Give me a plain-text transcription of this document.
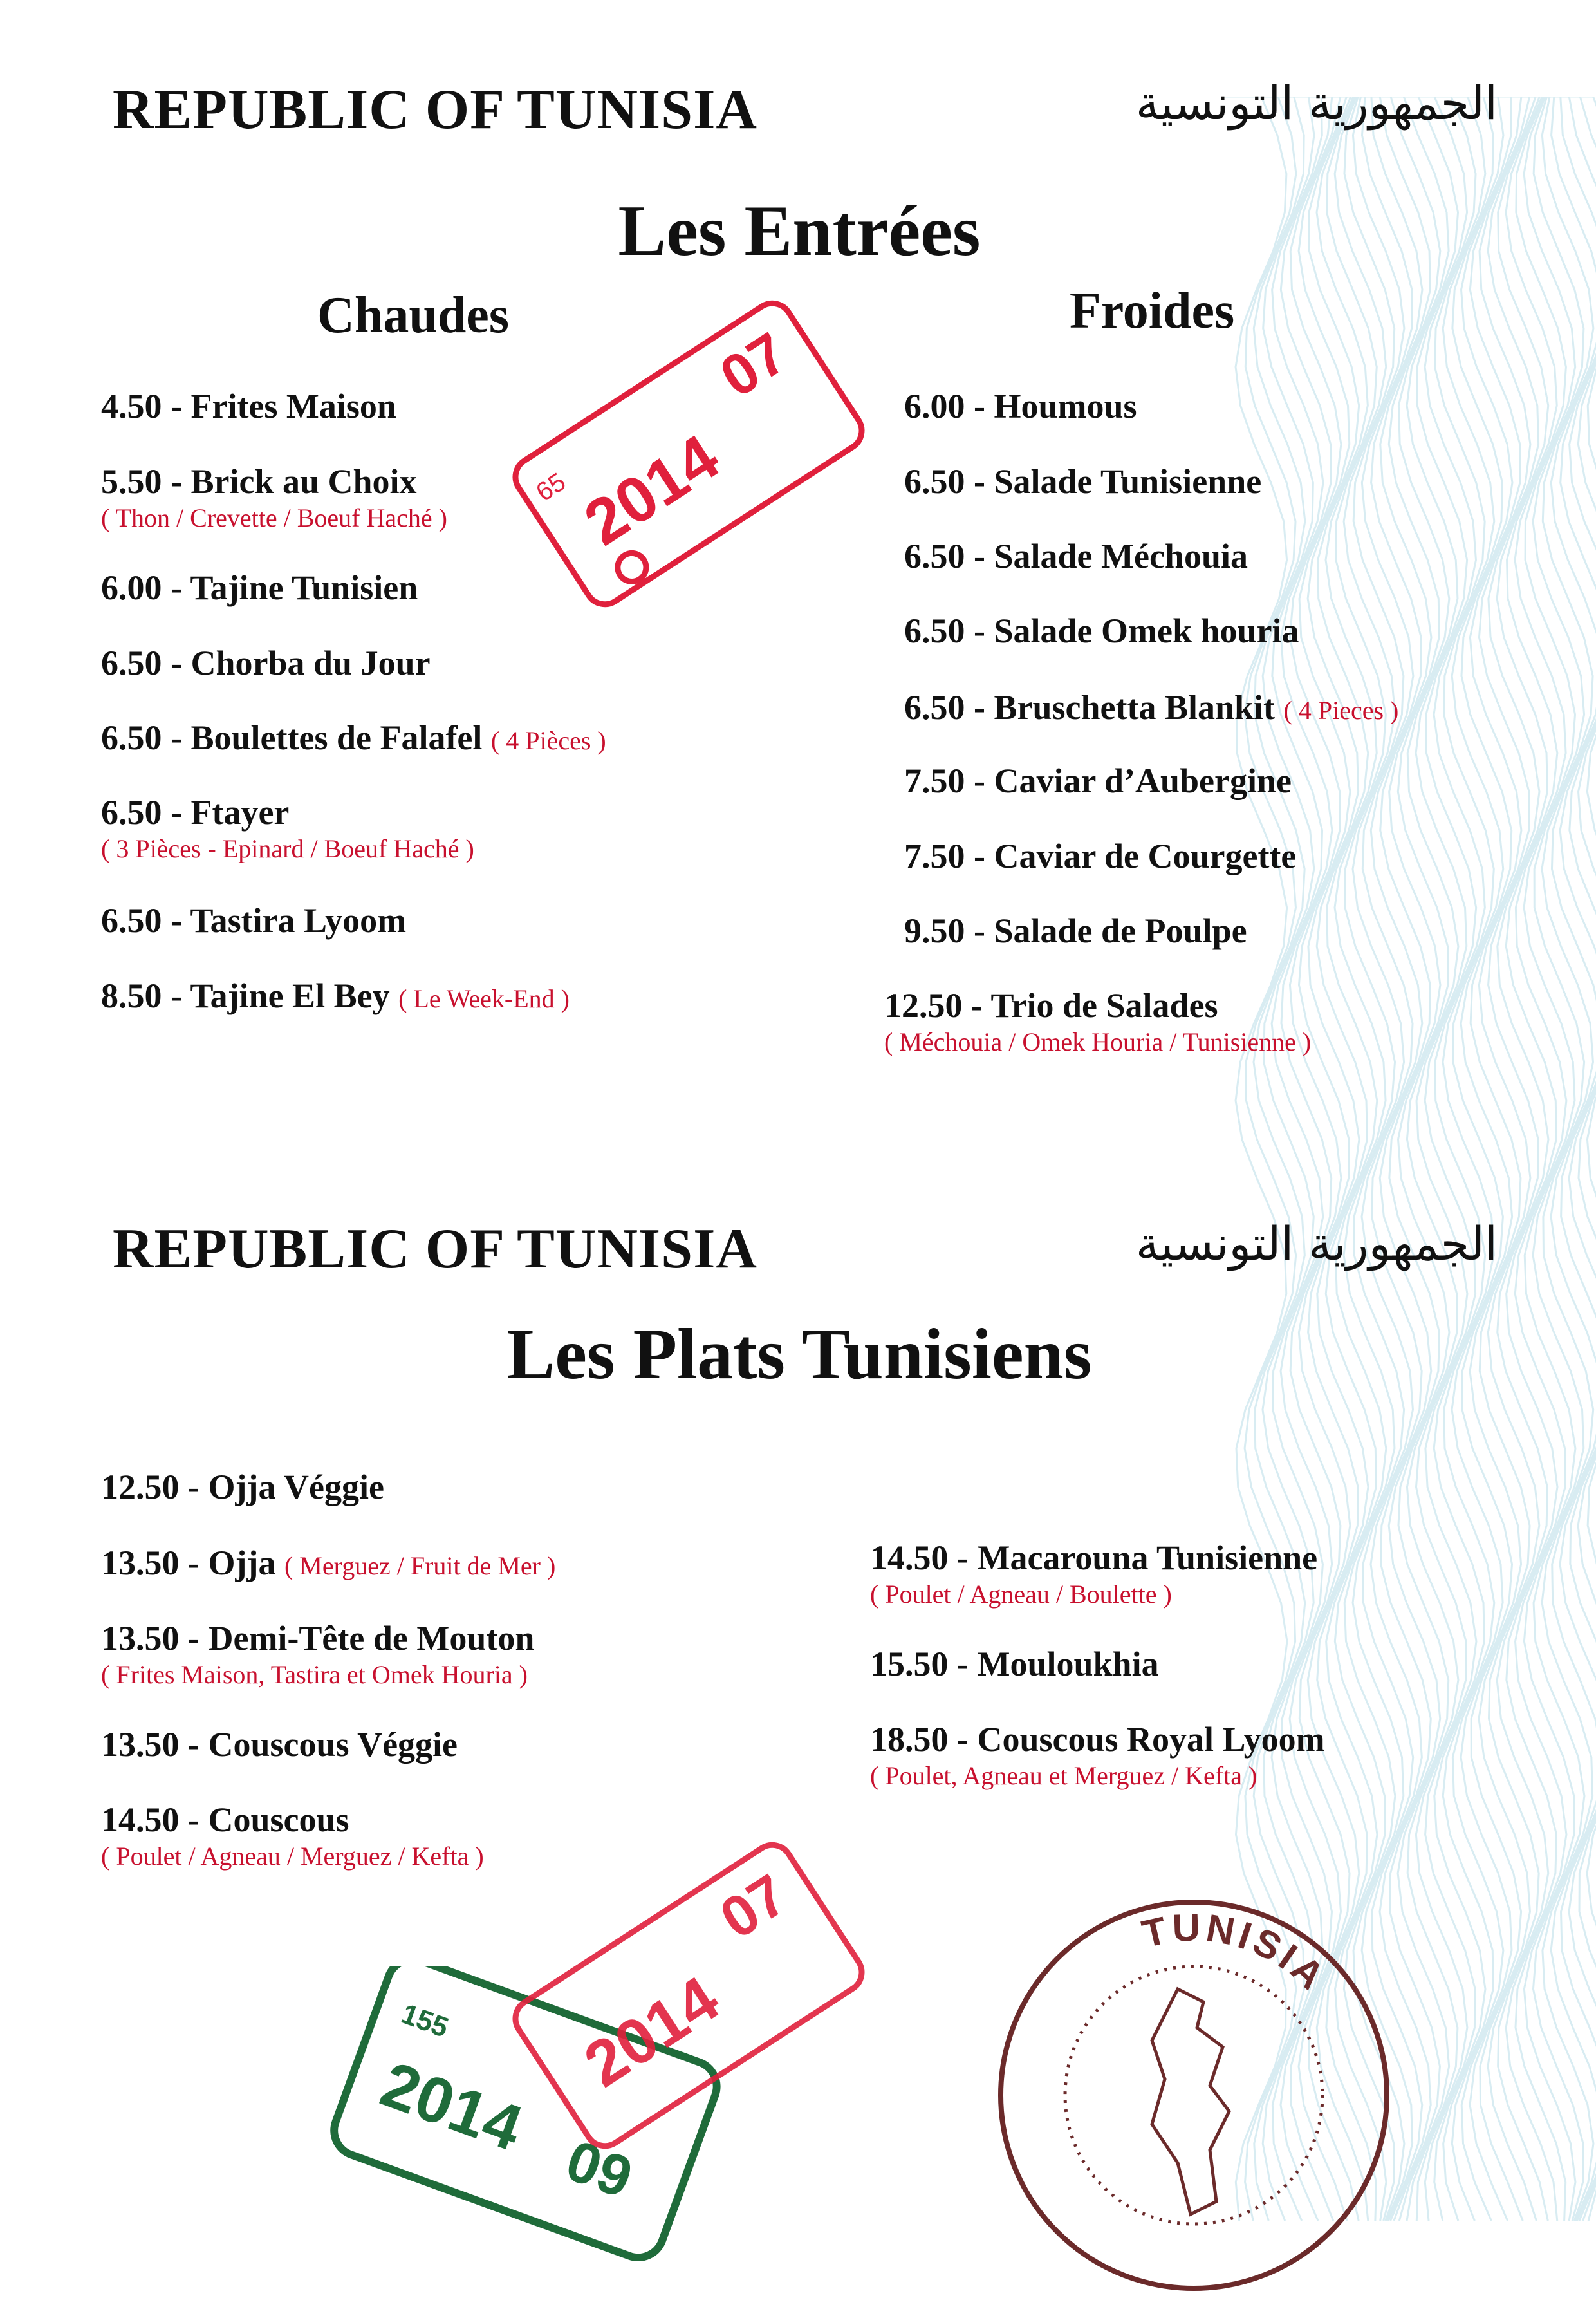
REPUBLIC OF TUNISIA	الجمهورية التونسية
Les Entrées
Chaudes	Froides
4.50 - Frites Maison
5.50 - Brick au Choix
( Thon / Crevette / Boeuf Haché )
6.00 - Tajine Tunisien
6.50 - Chorba du Jour
6.50 - Boulettes de Falafel ( 4 Pièces )
6.50 - Ftayer
( 3 Pièces - Epinard / Boeuf Haché )
6.50 - Tastira Lyoom
8.50 - Tajine El Bey ( Le Week-End )
6.00 - Houmous
6.50 - Salade Tunisienne
6.50 - Salade Méchouia
6.50 - Salade Omek houria
6.50 - Bruschetta Blankit ( 4 Pieces )
7.50 - Caviar d’Aubergine
7.50 - Caviar de Courgette
9.50 - Salade de Poulpe
12.50 - Trio de Salades
( Méchouia / Omek Houria / Tunisienne )
REPUBLIC OF TUNISIA	الجمهورية التونسية
Les Plats Tunisiens
12.50 - Ojja Véggie
13.50 - Ojja ( Merguez / Fruit de Mer )
13.50 - Demi-Tête de Mouton
( Frites Maison, Tastira et Omek Houria )
13.50 - Couscous Véggie
14.50 - Couscous
( Poulet / Agneau / Merguez / Kefta )
14.50 - Macarouna Tunisienne
( Poulet / Agneau / Boulette )
15.50 - Mouloukhia
18.50 - Couscous Royal Lyoom
( Poulet, Agneau et Merguez / Kefta )
2014
07
65
155
2014
09
2014
07	TUNISIA
